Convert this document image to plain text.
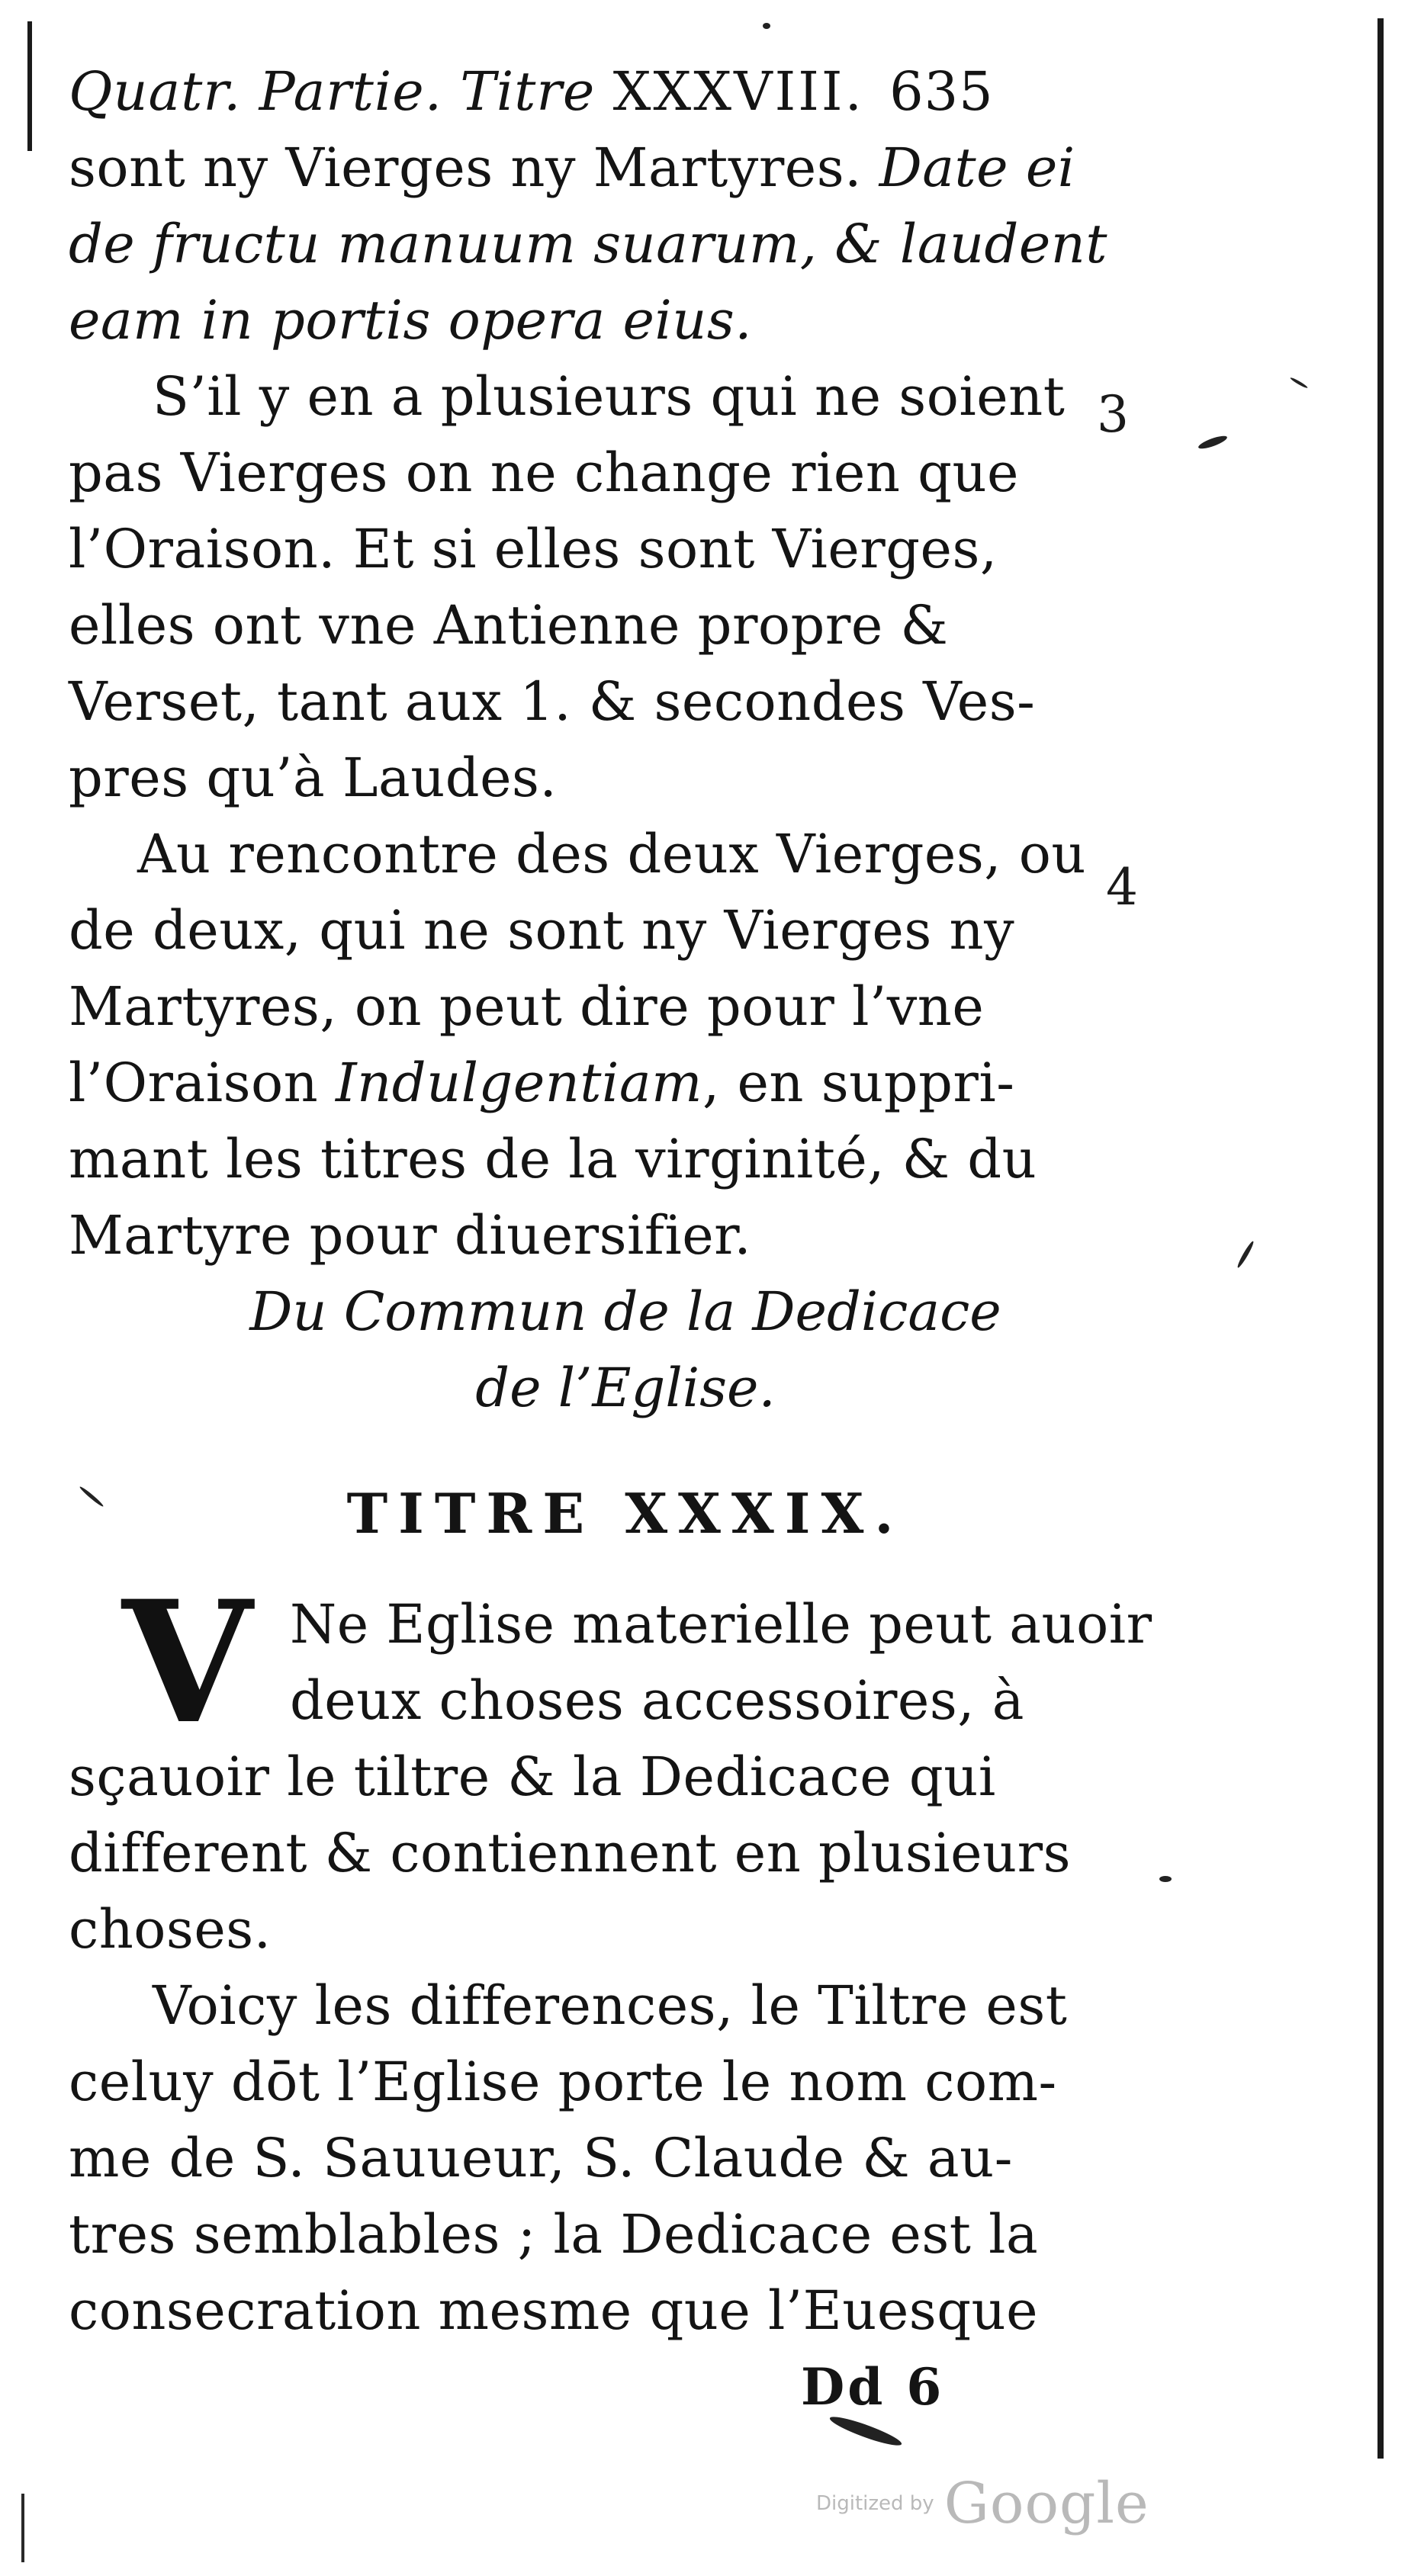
3
4
Quatr. Partie. Titre XXXVIII. 635
sont ny Vierges ny Martyres. Date ei
de fructu manuum suarum, & laudent
eam in portis opera eius.
S’il y en a plusieurs qui ne soient
pas Vierges on ne change rien que
l’Oraison. Et si elles sont Vierges,
elles ont vne Antienne propre &
Verset, tant aux 1. & secondes Ves-
pres qu’à Laudes.
Au rencontre des deux Vierges, ou
de deux, qui ne sont ny Vierges ny
Martyres, on peut dire pour l’vne
l’Oraison Indulgentiam, en suppri-
mant les titres de la virginité, & du
Martyre pour diuersifier.
Du Commun de la Dedicace
de l’Eglise.
TITRE XXXIX.
V Ne Eglise materielle peut auoir
deux choses accessoires, à
sçauoir le tiltre & la Dedicace qui
different & contiennent en plusieurs
choses.
Voicy les differences, le Tiltre est
celuy dōt l’Eglise porte le nom com-
me de S. Sauueur, S. Claude & au-
tres semblables ; la Dedicace est la
consecration mesme que l’Euesque
Dd 6
Digitized by Google
